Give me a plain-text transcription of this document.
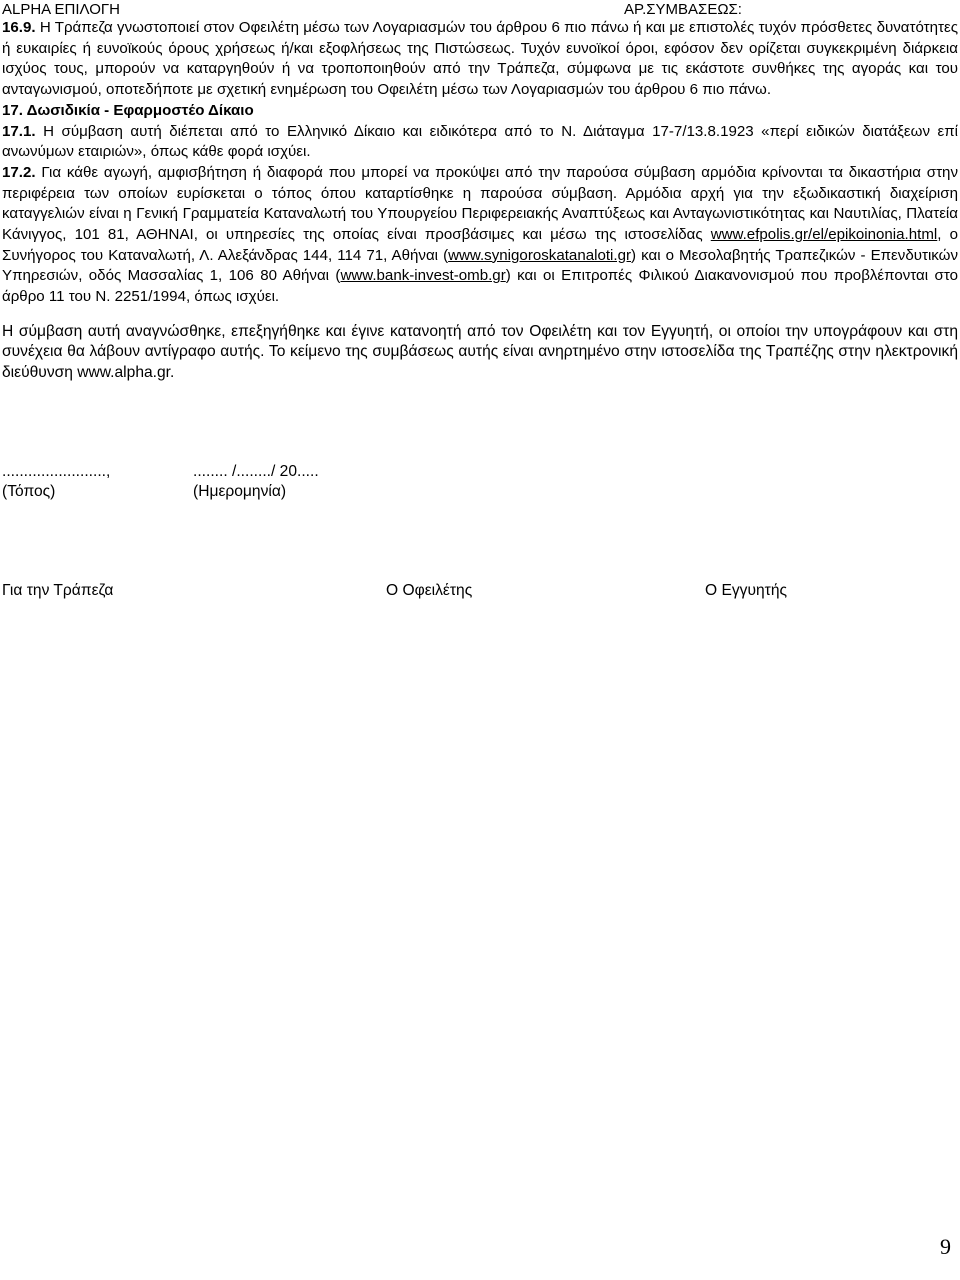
ALPHA ΕΠΙΛΟΓΗ	ΑΡ.ΣΥΜΒΑΣΕΩΣ:

16.9. Η Τράπεζα γνωστοποιεί στον Οφειλέτη μέσω των Λογαριασμών του άρθρου 6 πιο πάνω ή και με επιστολές τυχόν πρόσθετες δυνατότητες ή ευκαιρίες ή ευνοϊκούς όρους χρήσεως ή/και εξοφλήσεως της Πιστώσεως. Τυχόν ευνοϊκοί όροι, εφόσον δεν ορίζεται συγκεκριμένη διάρκεια ισχύος τους, μπορούν να καταργηθούν ή να τροποποιηθούν από την Τράπεζα, σύμφωνα με τις εκάστοτε συνθήκες της αγοράς και του ανταγωνισμού, οποτεδήποτε με σχετική ενημέρωση του Οφειλέτη μέσω των Λογαριασμών του άρθρου 6 πιο πάνω.

17. Δωσιδικία - Εφαρμοστέο Δίκαιο

17.1. Η σύμβαση αυτή διέπεται από το Ελληνικό Δίκαιο και ειδικότερα από το Ν. Διάταγμα 17-7/13.8.1923 «περί ειδικών διατάξεων επί ανωνύμων εταιριών», όπως κάθε φορά ισχύει.

17.2. Για κάθε αγωγή, αμφισβήτηση ή διαφορά που μπορεί να προκύψει από την παρούσα σύμβαση αρμόδια κρίνονται τα δικαστήρια στην περιφέρεια των οποίων ευρίσκεται ο τόπος όπου καταρτίσθηκε η παρούσα σύμβαση. Αρμόδια αρχή για την εξωδικαστική διαχείριση καταγγελιών είναι η Γενική Γραμματεία Καταναλωτή του Υπουργείου Περιφερειακής Αναπτύξεως και Ανταγωνιστικότητας και Ναυτιλίας, Πλατεία Κάνιγγος, 101 81, ΑΘΗΝΑΙ, οι υπηρεσίες της οποίας είναι προσβάσιμες και μέσω της ιστοσελίδας www.efpolis.gr/el/epikoinonia.html, ο Συνήγορος του Καταναλωτή, Λ. Αλεξάνδρας 144, 114 71, Αθήναι (www.synigoroskatanaloti.gr) και ο Μεσολαβητής Τραπεζικών - Επενδυτικών Υπηρεσιών, οδός Μασσαλίας 1, 106 80 Αθήναι (www.bank-invest-omb.gr) και οι Επιτροπές Φιλικού Διακανονισμού που προβλέπονται στο άρθρο 11 του Ν. 2251/1994, όπως ισχύει.

Η σύμβαση αυτή αναγνώσθηκε, επεξηγήθηκε και έγινε κατανοητή από τον Οφειλέτη και τον Εγγυητή, οι οποίοι την υπογράφουν και στη συνέχεια θα λάβουν αντίγραφο αυτής. Το κείμενο της συμβάσεως αυτής είναι ανηρτημένο στην ιστοσελίδα της Τραπέζης στην ηλεκτρονική διεύθυνση www.alpha.gr.

........................,	........ /......../ 20.....
(Τόπος)	(Ημερομηνία)
Για την Τράπεζα	Ο Οφειλέτης	Ο Εγγυητής
9
